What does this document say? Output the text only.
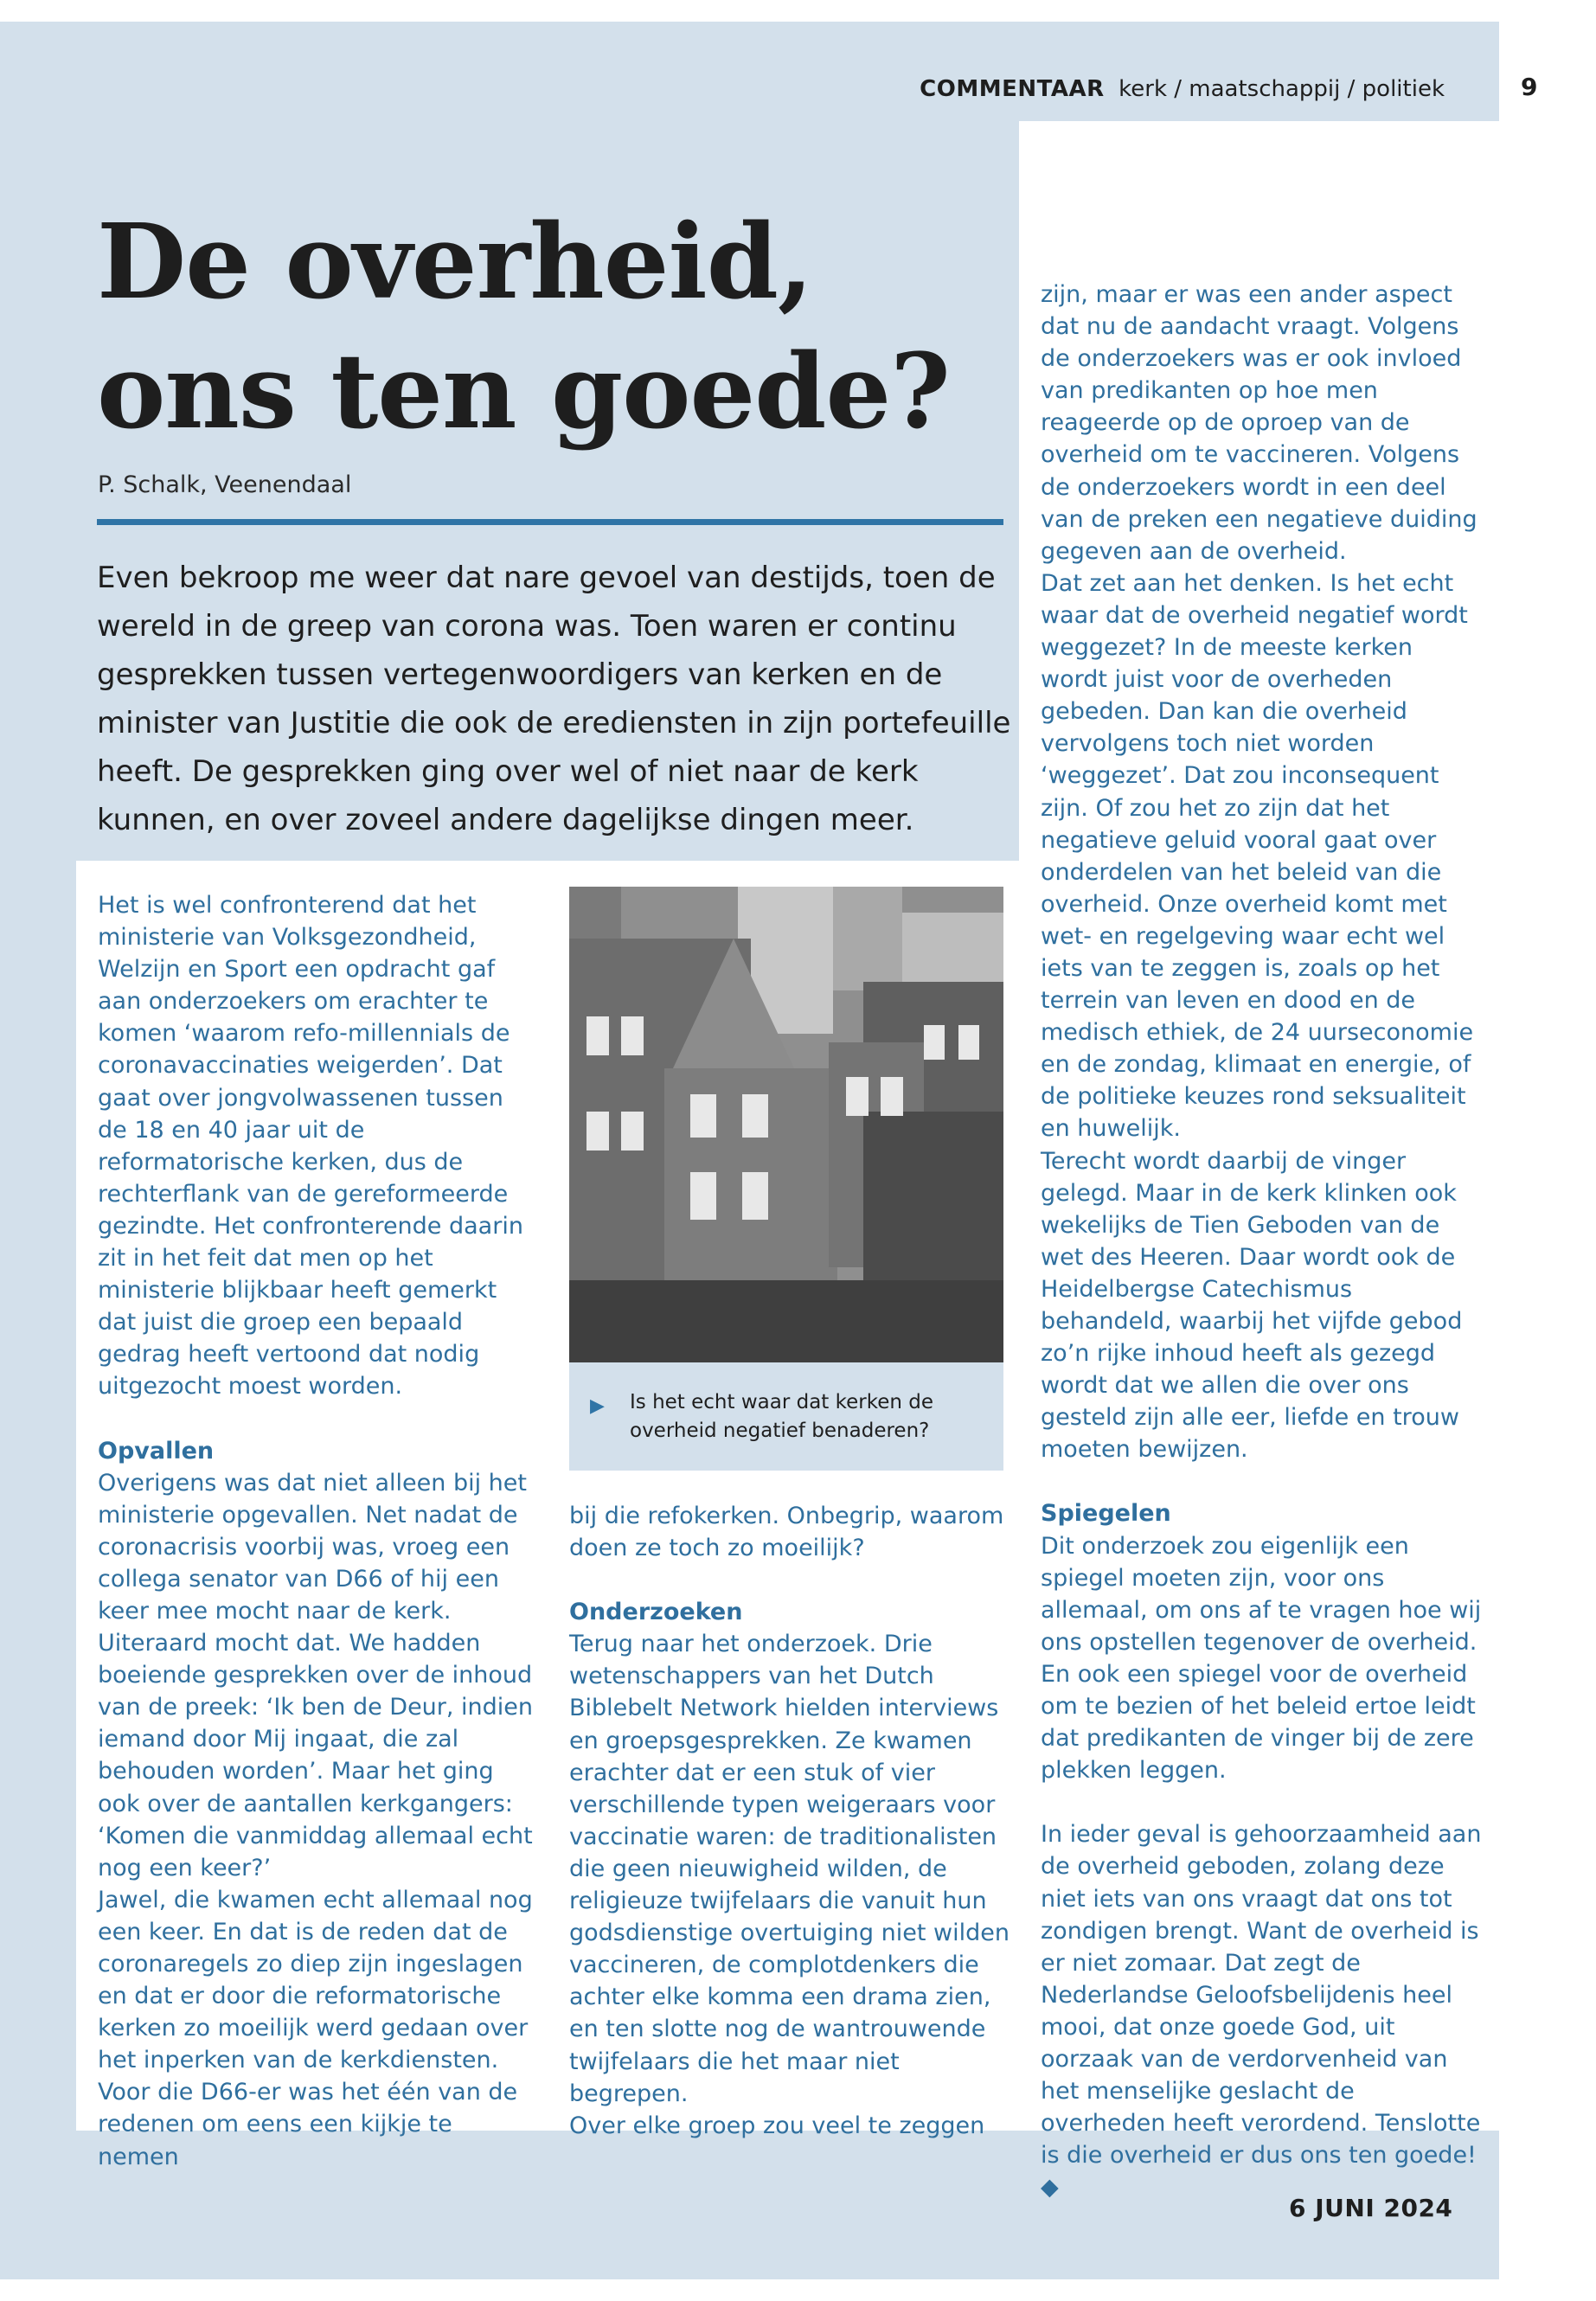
COMMENTAAR kerk / maatschappij / politiek	9
De overheid,
ons ten goede?
P. Schalk, Veenendaal

Even bekroop me weer dat nare gevoel van destijds, toen de wereld in de greep van corona was. Toen waren er continu gesprekken tussen vertegenwoordigers van kerken en de minister van Justitie die ook de erediensten in zijn portefeuille heeft. De gesprekken ging over wel of niet naar de kerk kunnen, en over zoveel andere dagelijkse dingen meer.

Het is wel confronterend dat het ministerie van Volksgezondheid, Welzijn en Sport een opdracht gaf aan onderzoekers om erachter te komen ‘waarom refo-millennials de coronavaccinaties weigerden’. Dat gaat over jongvolwassenen tussen de 18 en 40 jaar uit de reformatorische kerken, dus de rechterflank van de gereformeerde gezindte. Het confronterende daarin zit in het feit dat men op het ministerie blijkbaar heeft gemerkt dat juist die groep een bepaald gedrag heeft vertoond dat nodig uitgezocht moest worden.

Opvallen

Overigens was dat niet alleen bij het ministerie opgevallen. Net nadat de coronacrisis voorbij was, vroeg een collega senator van D66 of hij een keer mee mocht naar de kerk. Uiteraard mocht dat. We hadden boeiende gesprekken over de inhoud van de preek: ‘Ik ben de Deur, indien iemand door Mij ingaat, die zal behouden worden’. Maar het ging ook over de aantallen kerkgangers: ‘Komen die vanmiddag allemaal echt nog een keer?’

Jawel, die kwamen echt allemaal nog een keer. En dat is de reden dat de coronaregels zo diep zijn ingeslagen en dat er door die reformatorische kerken zo moeilijk werd gedaan over het inperken van de kerkdiensten. Voor die D66-er was het één van de redenen om eens een kijkje te nemen

▶ Is het echt waar dat kerken de overheid negatief benaderen?

bij die refokerken. Onbegrip, waarom doen ze toch zo moeilijk?

Onderzoeken

Terug naar het onderzoek. Drie wetenschappers van het Dutch Biblebelt Network hielden interviews en groepsgesprekken. Ze kwamen erachter dat er een stuk of vier verschillende typen weigeraars voor vaccinatie waren: de traditionalisten die geen nieuwigheid wilden, de religieuze twijfelaars die vanuit hun godsdienstige overtuiging niet wilden vaccineren, de complotdenkers die achter elke komma een drama zien, en ten slotte nog de wantrouwende twijfelaars die het maar niet begrepen.

Over elke groep zou veel te zeggen

zijn, maar er was een ander aspect dat nu de aandacht vraagt. Volgens de onderzoekers was er ook invloed van predikanten op hoe men reageerde op de oproep van de overheid om te vaccineren. Volgens de onderzoekers wordt in een deel van de preken een negatieve duiding gegeven aan de overheid.

Dat zet aan het denken. Is het echt waar dat de overheid negatief wordt weggezet? In de meeste kerken wordt juist voor de overheden gebeden. Dan kan die overheid vervolgens toch niet worden ‘weggezet’. Dat zou inconsequent zijn. Of zou het zo zijn dat het negatieve geluid vooral gaat over onderdelen van het beleid van die overheid. Onze overheid komt met wet- en regelgeving waar echt wel iets van te zeggen is, zoals op het terrein van leven en dood en de medisch ethiek, de 24 uurseconomie en de zondag, klimaat en energie, of de politieke keuzes rond seksualiteit en huwelijk.

Terecht wordt daarbij de vinger gelegd. Maar in de kerk klinken ook wekelijks de Tien Geboden van de wet des Heeren. Daar wordt ook de Heidelbergse Catechismus behandeld, waarbij het vijfde gebod zo’n rijke inhoud heeft als gezegd wordt dat we allen die over ons gesteld zijn alle eer, liefde en trouw moeten bewijzen.

Spiegelen

Dit onderzoek zou eigenlijk een spiegel moeten zijn, voor ons allemaal, om ons af te vragen hoe wij ons opstellen tegenover de overheid. En ook een spiegel voor de overheid om te bezien of het beleid ertoe leidt dat predikanten de vinger bij de zere plekken leggen.

In ieder geval is gehoorzaamheid aan de overheid geboden, zolang deze niet iets van ons vraagt dat ons tot zondigen brengt. Want de overheid is er niet zomaar. Dat zegt de Nederlandse Geloofsbelijdenis heel mooi, dat onze goede God, uit oorzaak van de verdorvenheid van het menselijke geslacht de overheden heeft verordend. Tenslotte is die overheid er dus ons ten goede! ◆

6 JUNI 2024
